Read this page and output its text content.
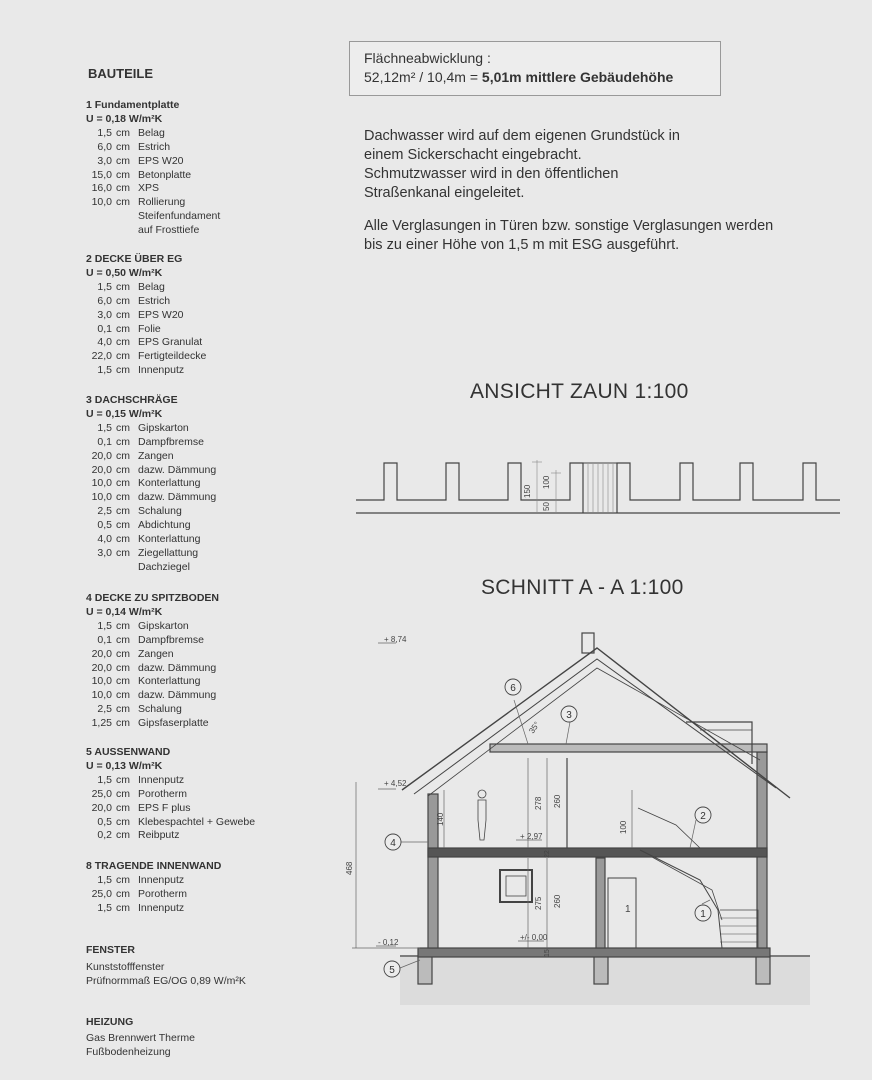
BAUTEILE
1 Fundamentplatte
U = 0,18 W/m²K
1,5 cm Belag
6,0 cm Estrich
3,0 cm EPS W20
15,0 cm Betonplatte
16,0 cm XPS
10,0 cm Rollierung
Steifenfundament
auf Frosttiefe
2 DECKE ÜBER EG
U = 0,50 W/m²K
1,5 cm Belag
6,0 cm Estrich
3,0 cm EPS W20
0,1 cm Folie
4,0 cm EPS Granulat
22,0 cm Fertigteildecke
1,5 cm Innenputz
3 DACHSCHRÄGE
U = 0,15 W/m²K
1,5 cm Gipskarton
0,1 cm Dampfbremse
20,0 cm Zangen
20,0 cm dazw. Dämmung
10,0 cm Konterlattung
10,0 cm dazw. Dämmung
2,5 cm Schalung
0,5 cm Abdichtung
4,0 cm Konterlattung
3,0 cm Ziegellattung
Dachziegel
4 DECKE ZU SPITZBODEN
U = 0,14 W/m²K
1,5 cm Gipskarton
0,1 cm Dampfbremse
20,0 cm Zangen
20,0 cm dazw. Dämmung
10,0 cm Konterlattung
10,0 cm dazw. Dämmung
2,5 cm Schalung
1,25 cm Gipsfaserplatte
5 AUSSENWAND
U = 0,13 W/m²K
1,5 cm Innenputz
25,0 cm Porotherm
20,0 cm EPS F plus
0,5 cm Klebespachtel + Gewebe
0,2 cm Reibputz
8 TRAGENDE INNENWAND
1,5 cm Innenputz
25,0 cm Porotherm
1,5 cm Innenputz
FENSTER
Kunststofffenster
Prüfnormmaß EG/OG 0,89 W/m²K
HEIZUNG
Gas Brennwert Therme
Fußbodenheizung
Flächneabwicklung :
52,12m² / 10,4m = 5,01m mittlere Gebäudehöhe
Dachwasser wird auf dem eigenen Grundstück in
einem Sickerschacht eingebracht.
Schmutzwasser wird in den öffentlichen
Straßenkanal eingeleitet.
Alle Verglasungen in Türen bzw. sonstige Verglasungen werden
bis zu einer Höhe von 1,5 m mit ESG ausgeführt.
ANSICHT ZAUN 1:100
SCHNITT A - A 1:100
150
100
50
+ 8,74
+ 4,52
+ 2,97
+/- 0,00
- 0,12
468
278 260
275 260
140
100
22
15
35°
1	1
2
3
4
5
6
